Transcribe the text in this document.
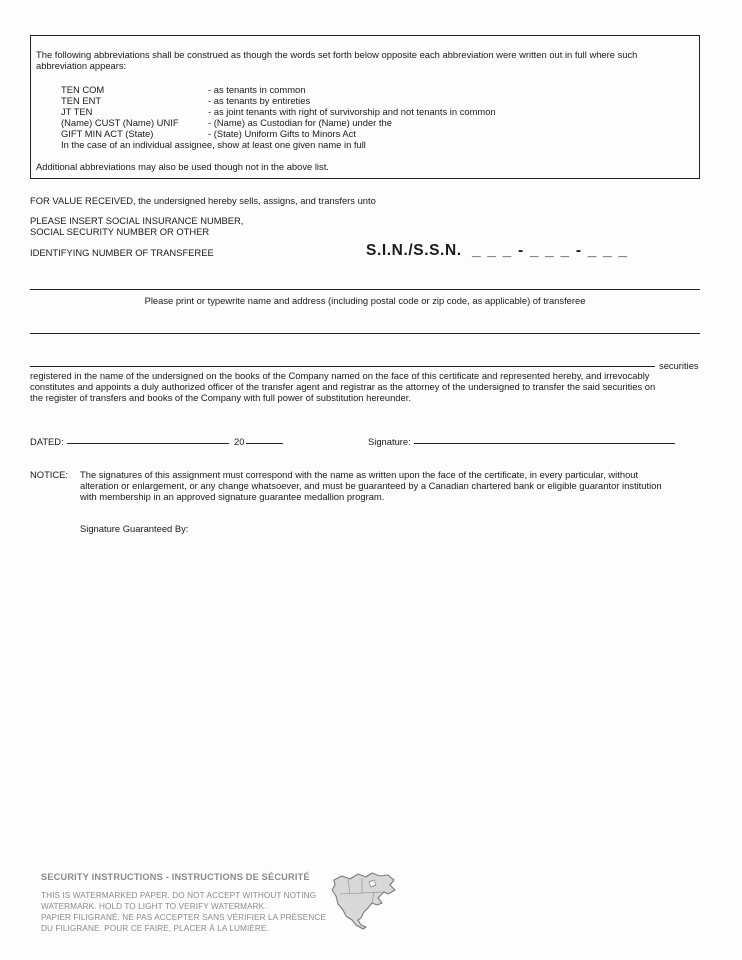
The following abbreviations shall be construed as though the words set forth below opposite each abbreviation were written out in full where such abbreviation appears:
TEN COM	- as tenants in common
TEN ENT	- as tenants by entireties
JT TEN	- as joint tenants with right of survivorship and not tenants in common
(Name) CUST (Name) UNIF	- (Name) as Custodian for (Name) under the
GIFT MIN ACT (State)	- (State) Uniform Gifts to Minors Act
In the case of an individual assignee, show at least one given name in full
Additional abbreviations may also be used though not in the above list.
FOR VALUE RECEIVED, the undersigned hereby sells, assigns, and transfers unto
PLEASE INSERT SOCIAL INSURANCE NUMBER,
SOCIAL SECURITY NUMBER OR OTHER
IDENTIFYING NUMBER OF TRANSFEREE	S.I.N./S.S.N. _ _ _ - _ _ _ - _ _ _
Please print or typewrite name and address (including postal code or zip code, as applicable) of transferee
securities
registered in the name of the undersigned on the books of the Company named on the face of this certificate and represented hereby, and irrevocably
constitutes and appoints a duly authorized officer of the transfer agent and registrar as the attorney of the undersigned to transfer the said securities on
the register of transfers and books of the Company with full power of substitution hereunder.
DATED:	20	Signature:
NOTICE: The signatures of this assignment must correspond with the name as written upon the face of the certificate, in every particular, without
alteration or enlargement, or any change whatsoever, and must be guaranteed by a Canadian chartered bank or eligible guarantor institution
with membership in an approved signature guarantee medallion program.
Signature Guaranteed By:
SECURITY INSTRUCTIONS - INSTRUCTIONS DE SÉCURITÉ
THIS IS WATERMARKED PAPER. DO NOT ACCEPT WITHOUT NOTING
WATERMARK. HOLD TO LIGHT TO VERIFY WATERMARK.
PAPIER FILIGRANÉ. NE PAS ACCEPTER SANS VÉRIFIER LA PRÉSENCE
DU FILIGRANE. POUR CE FAIRE, PLACER À LA LUMIÈRE.
